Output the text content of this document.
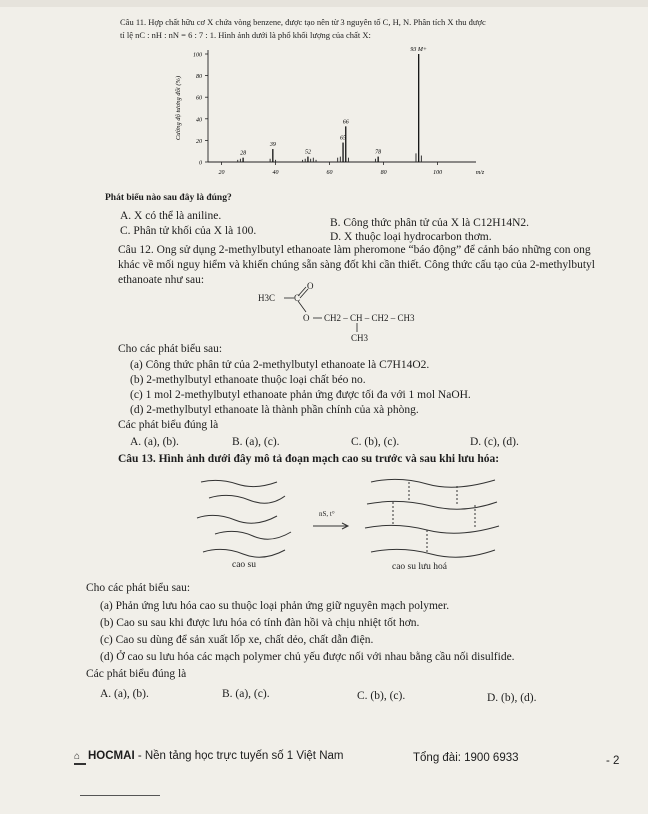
Câu 11. Hợp chất hữu cơ X chứa vòng benzene, được tạo nên từ 3 nguyên tố C, H, N. Phân tích X thu được
tỉ lệ nC : nH : nN = 6 : 7 : 1. Hình ảnh dưới là phổ khối lượng của chất X:
0
20
40
60
80
100
20	40	60	80	100	m/z
Cường độ tương đối (%)
28
39
52
65
66
78
93 M+
Phát biểu nào sau đây là đúng?
A. X có thể là aniline.
B. Công thức phân tử của X là C12H14N2.
C. Phân tử khối của X là 100.	D. X thuộc loại hydrocarbon thơm.
Câu 12. Ong sử dụng 2-methylbutyl ethanoate làm pheromone “báo động” để cảnh báo những con ong
khác về mối nguy hiểm và khiến chúng sẵn sàng đốt khi cần thiết. Công thức cấu tạo của 2-methylbutyl
ethanoate như sau:
H3C C
O
O CH2 – CH – CH2 – CH3
CH3
Cho các phát biểu sau:
(a) Công thức phân tử của 2-methylbutyl ethanoate là C7H14O2.
(b) 2-methylbutyl ethanoate thuộc loại chất béo no.
(c) 1 mol 2-methylbutyl ethanoate phản ứng được tối đa với 1 mol NaOH.
(d) 2-methylbutyl ethanoate là thành phần chính của xà phòng.
Các phát biểu đúng là
A. (a), (b).	B. (a), (c).	C. (b), (c).	D. (c), (d).
Câu 13. Hình ảnh dưới đây mô tả đoạn mạch cao su trước và sau khi lưu hóa:
nS, t°
cao su	cao su lưu hoá
Cho các phát biểu sau:
(a) Phản ứng lưu hóa cao su thuộc loại phản ứng giữ nguyên mạch polymer.
(b) Cao su sau khi được lưu hóa có tính đàn hồi và chịu nhiệt tốt hơn.
(c) Cao su dùng để sản xuất lốp xe, chất dẻo, chất dẫn điện.
(d) Ở cao su lưu hóa các mạch polymer chủ yếu được nối với nhau bằng cầu nối disulfide.
Các phát biểu đúng là
A. (a), (b).	B. (a), (c).	C. (b), (c).	D. (b), (d).
⌂ HOCMAI - Nền tảng học trực tuyến số 1 Việt Nam	Tổng đài: 1900 6933	- 2
